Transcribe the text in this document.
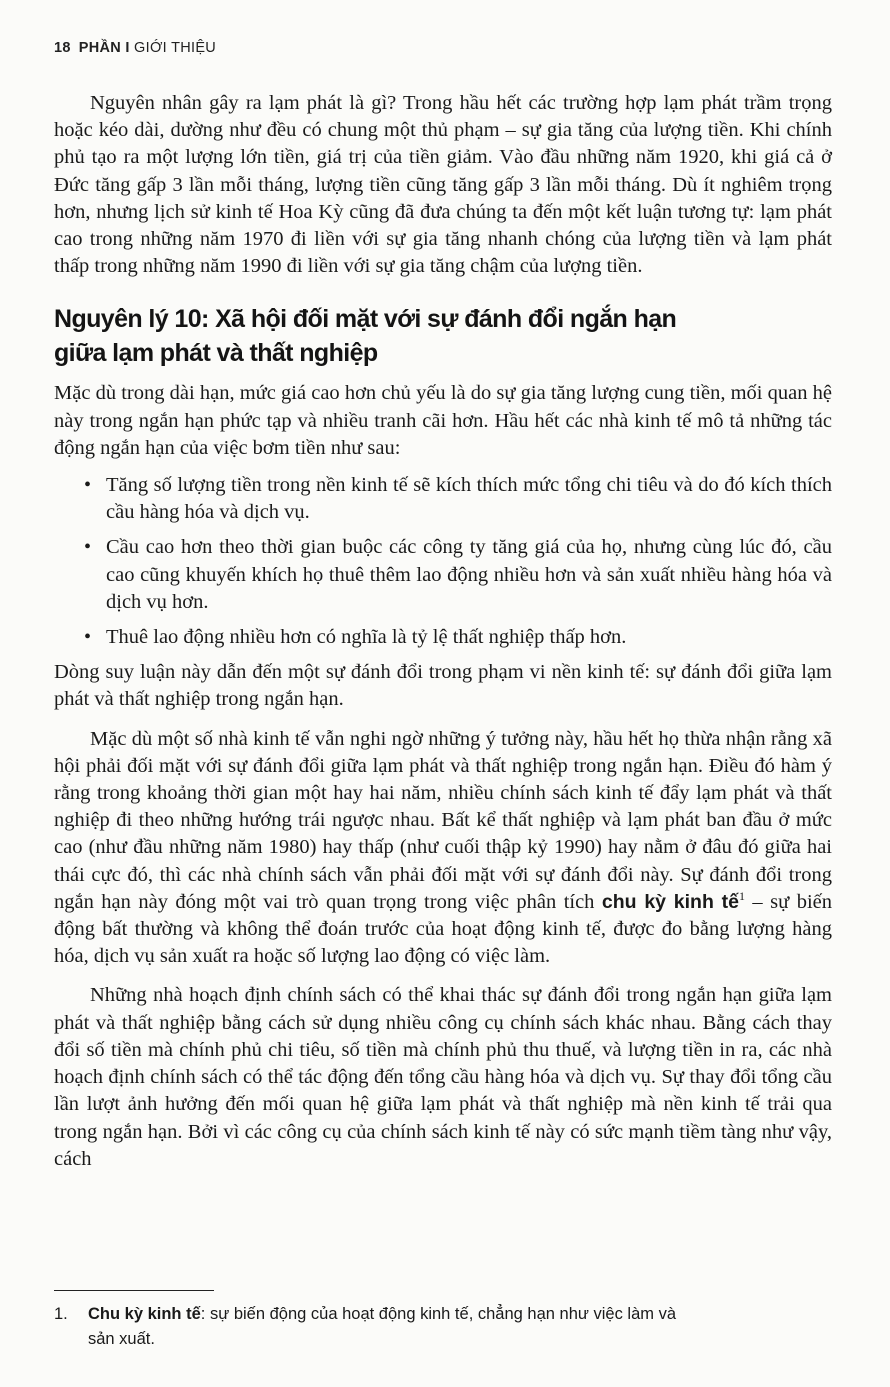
18 PHẦN I GIỚI THIỆU

Nguyên nhân gây ra lạm phát là gì? Trong hầu hết các trường hợp lạm phát trầm trọng hoặc kéo dài, dường như đều có chung một thủ phạm – sự gia tăng của lượng tiền. Khi chính phủ tạo ra một lượng lớn tiền, giá trị của tiền giảm. Vào đầu những năm 1920, khi giá cả ở Đức tăng gấp 3 lần mỗi tháng, lượng tiền cũng tăng gấp 3 lần mỗi tháng. Dù ít nghiêm trọng hơn, nhưng lịch sử kinh tế Hoa Kỳ cũng đã đưa chúng ta đến một kết luận tương tự: lạm phát cao trong những năm 1970 đi liền với sự gia tăng nhanh chóng của lượng tiền và lạm phát thấp trong những năm 1990 đi liền với sự gia tăng chậm của lượng tiền.

Nguyên lý 10: Xã hội đối mặt với sự đánh đổi ngắn hạn
giữa lạm phát và thất nghiệp

Mặc dù trong dài hạn, mức giá cao hơn chủ yếu là do sự gia tăng lượng cung tiền, mối quan hệ này trong ngắn hạn phức tạp và nhiều tranh cãi hơn. Hầu hết các nhà kinh tế mô tả những tác động ngắn hạn của việc bơm tiền như sau:

• Tăng số lượng tiền trong nền kinh tế sẽ kích thích mức tổng chi tiêu và do đó kích thích cầu hàng hóa và dịch vụ.
• Cầu cao hơn theo thời gian buộc các công ty tăng giá của họ, nhưng cùng lúc đó, cầu cao cũng khuyến khích họ thuê thêm lao động nhiều hơn và sản xuất nhiều hàng hóa và dịch vụ hơn.
• Thuê lao động nhiều hơn có nghĩa là tỷ lệ thất nghiệp thấp hơn.

Dòng suy luận này dẫn đến một sự đánh đổi trong phạm vi nền kinh tế: sự đánh đổi giữa lạm phát và thất nghiệp trong ngắn hạn.

Mặc dù một số nhà kinh tế vẫn nghi ngờ những ý tưởng này, hầu hết họ thừa nhận rằng xã hội phải đối mặt với sự đánh đổi giữa lạm phát và thất nghiệp trong ngắn hạn. Điều đó hàm ý rằng trong khoảng thời gian một hay hai năm, nhiều chính sách kinh tế đẩy lạm phát và thất nghiệp đi theo những hướng trái ngược nhau. Bất kể thất nghiệp và lạm phát ban đầu ở mức cao (như đầu những năm 1980) hay thấp (như cuối thập kỷ 1990) hay nằm ở đâu đó giữa hai thái cực đó, thì các nhà chính sách vẫn phải đối mặt với sự đánh đổi này. Sự đánh đổi trong ngắn hạn này đóng một vai trò quan trọng trong việc phân tích chu kỳ kinh tế$^1$ – sự biến động bất thường và không thể đoán trước của hoạt động kinh tế, được đo bằng lượng hàng hóa, dịch vụ sản xuất ra hoặc số lượng lao động có việc làm.

Những nhà hoạch định chính sách có thể khai thác sự đánh đổi trong ngắn hạn giữa lạm phát và thất nghiệp bằng cách sử dụng nhiều công cụ chính sách khác nhau. Bằng cách thay đổi số tiền mà chính phủ chi tiêu, số tiền mà chính phủ thu thuế, và lượng tiền in ra, các nhà hoạch định chính sách có thể tác động đến tổng cầu hàng hóa và dịch vụ. Sự thay đổi tổng cầu lần lượt ảnh hưởng đến mối quan hệ giữa lạm phát và thất nghiệp mà nền kinh tế trải qua trong ngắn hạn. Bởi vì các công cụ của chính sách kinh tế này có sức mạnh tiềm tàng như vậy, cách

1. Chu kỳ kinh tế: sự biến động của hoạt động kinh tế, chẳng hạn như việc làm và
sản xuất.
